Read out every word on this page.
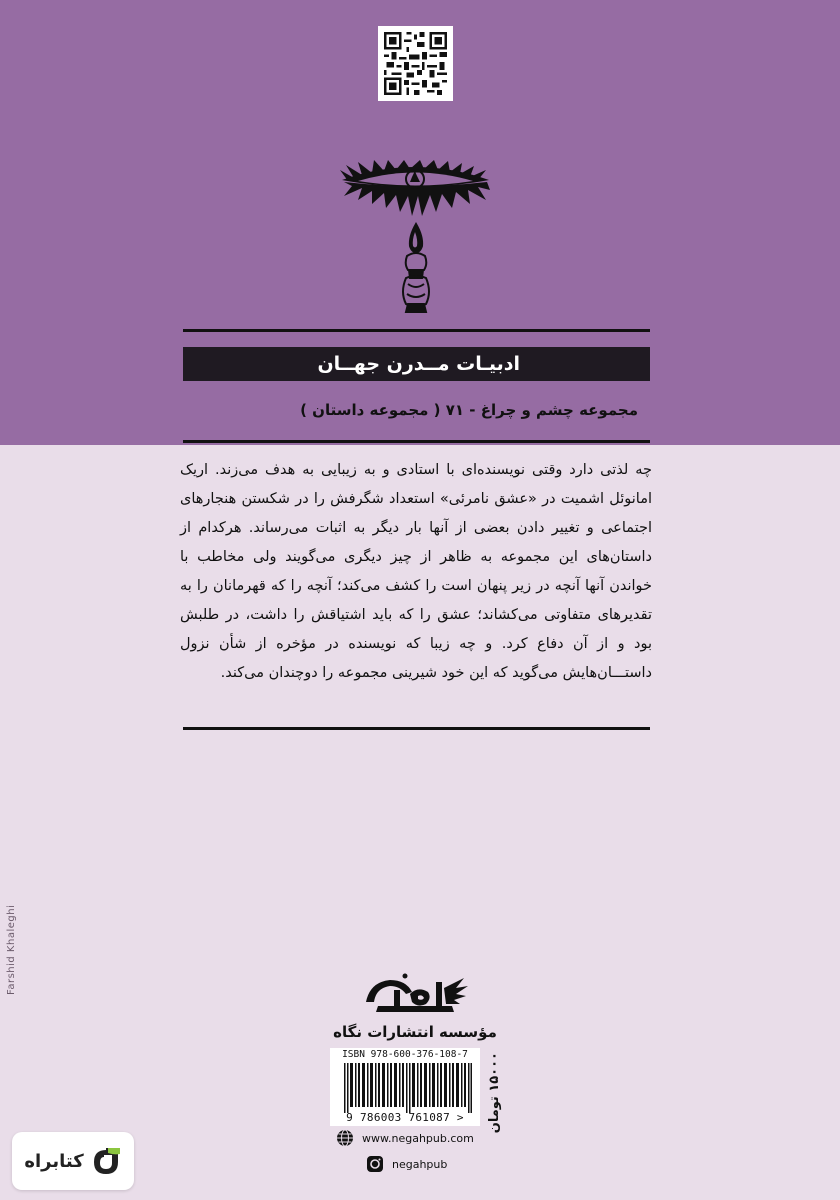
ادبیـات مــدرن جهــان
مجموعه چشم و چراغ - ۷۱ ( مجموعه داستان )
چه لذتی دارد وقتی نویسنده‌ای با استادی و به زیبایی به هدف می‌زند. اریک امانوئل اشمیت در «عشق نامرئی» استعداد شگرفش را در شکستن هنجارهای اجتماعی و تغییر دادن بعضی از آنها بار دیگر به اثبات می‌رساند. هرکدام از داستان‌های این مجموعه به ظاهر از چیز دیگری می‌گویند ولی مخاطب با خواندن آنها آنچه در زیر پنهان است را کشف می‌کند؛ آنچه را که قهرمانان را به تقدیرهای متفاوتی می‌کشاند؛ عشق را که باید اشتیاقش را داشت، در طلبش بود و از آن دفاع کرد. و چه زیبا که نویسنده در مؤخره از شأن نزول داستـــان‌هایش می‌گوید که این خود شیرینی مجموعه را دوچندان می‌کند.
Farshid Khaleghi
مؤسسه انتشارات نگاه
ISBN 978-600-376-108-7
9 786003 761087 >	۱۵۰۰۰ تومان
www.negahpub.com
negahpub
کتابراه
